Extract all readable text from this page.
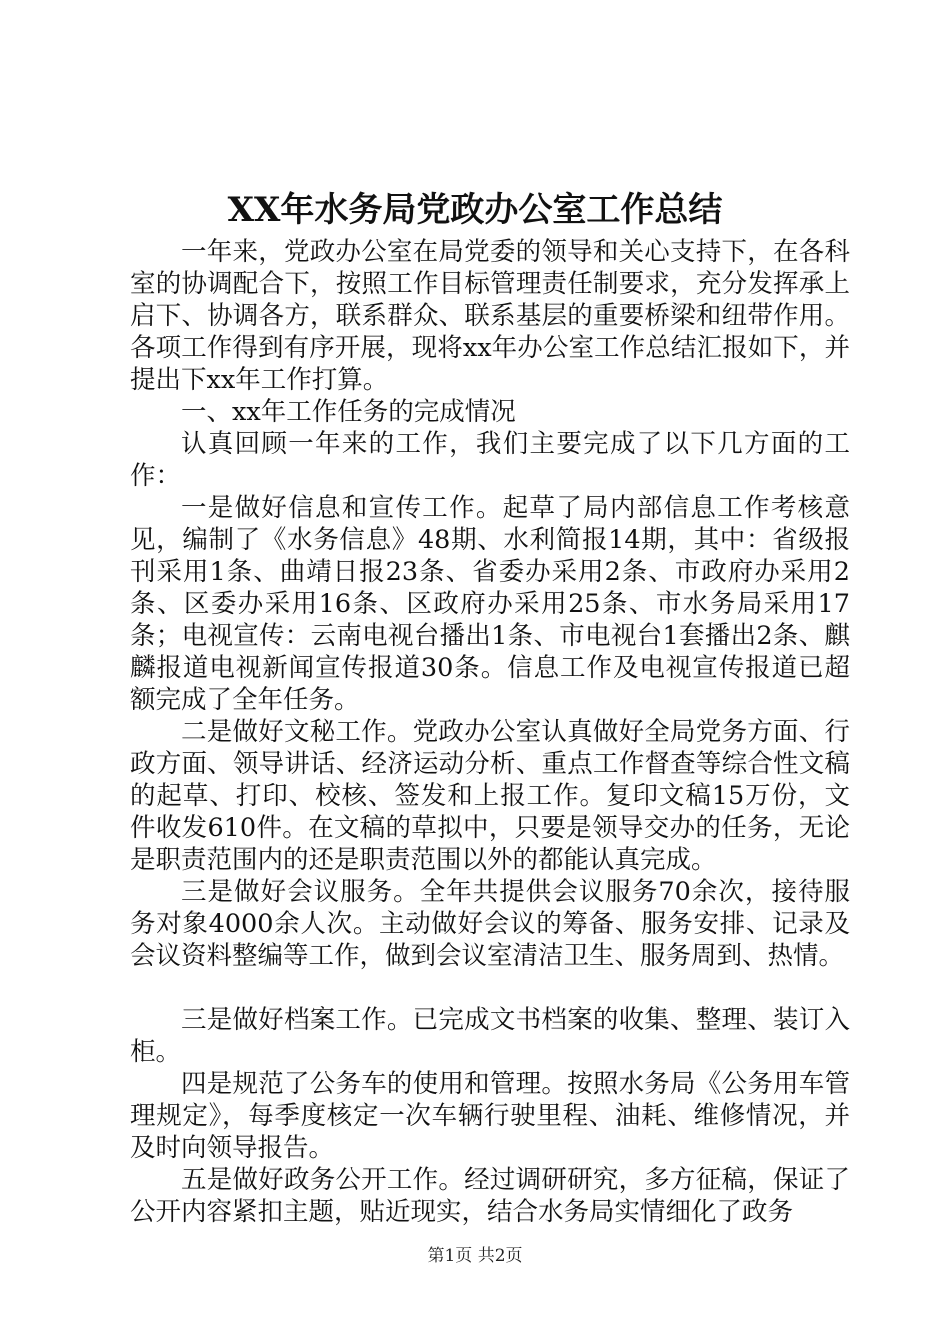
XX年水务局党政办公室工作总结

一年来，党政办公室在局党委的领导和关心支持下，在各科室的协调配合下，按照工作目标管理责任制要求，充分发挥承上启下、协调各方，联系群众、联系基层的重要桥梁和纽带作用。各项工作得到有序开展，现将xx年办公室工作总结汇报如下，并提出下xx年工作打算。

一、xx年工作任务的完成情况

认真回顾一年来的工作，我们主要完成了以下几方面的工作：

一是做好信息和宣传工作。起草了局内部信息工作考核意见，编制了《水务信息》48期、水利简报14期，其中：省级报刊采用1条、曲靖日报23条、省委办采用2条、市政府办采用2条、区委办采用16条、区政府办采用25条、市水务局采用17条；电视宣传：云南电视台播出1条、市电视台1套播出2条、麒麟报道电视新闻宣传报道30条。信息工作及电视宣传报道已超额完成了全年任务。

二是做好文秘工作。党政办公室认真做好全局党务方面、行政方面、领导讲话、经济运动分析、重点工作督查等综合性文稿的起草、打印、校核、签发和上报工作。复印文稿15万份，文件收发610件。在文稿的草拟中，只要是领导交办的任务，无论是职责范围内的还是职责范围以外的都能认真完成。

三是做好会议服务。全年共提供会议服务70余次，接待服务对象4000余人次。主动做好会议的筹备、服务安排、记录及会议资料整编等工作，做到会议室清洁卫生、服务周到、热情。

三是做好档案工作。已完成文书档案的收集、整理、装订入柜。

四是规范了公务车的使用和管理。按照水务局《公务用车管理规定》，每季度核定一次车辆行驶里程、油耗、维修情况，并及时向领导报告。

五是做好政务公开工作。经过调研研究，多方征稿，保证了公开内容紧扣主题，贴近现实，结合水务局实情细化了政务

第1页 共2页
